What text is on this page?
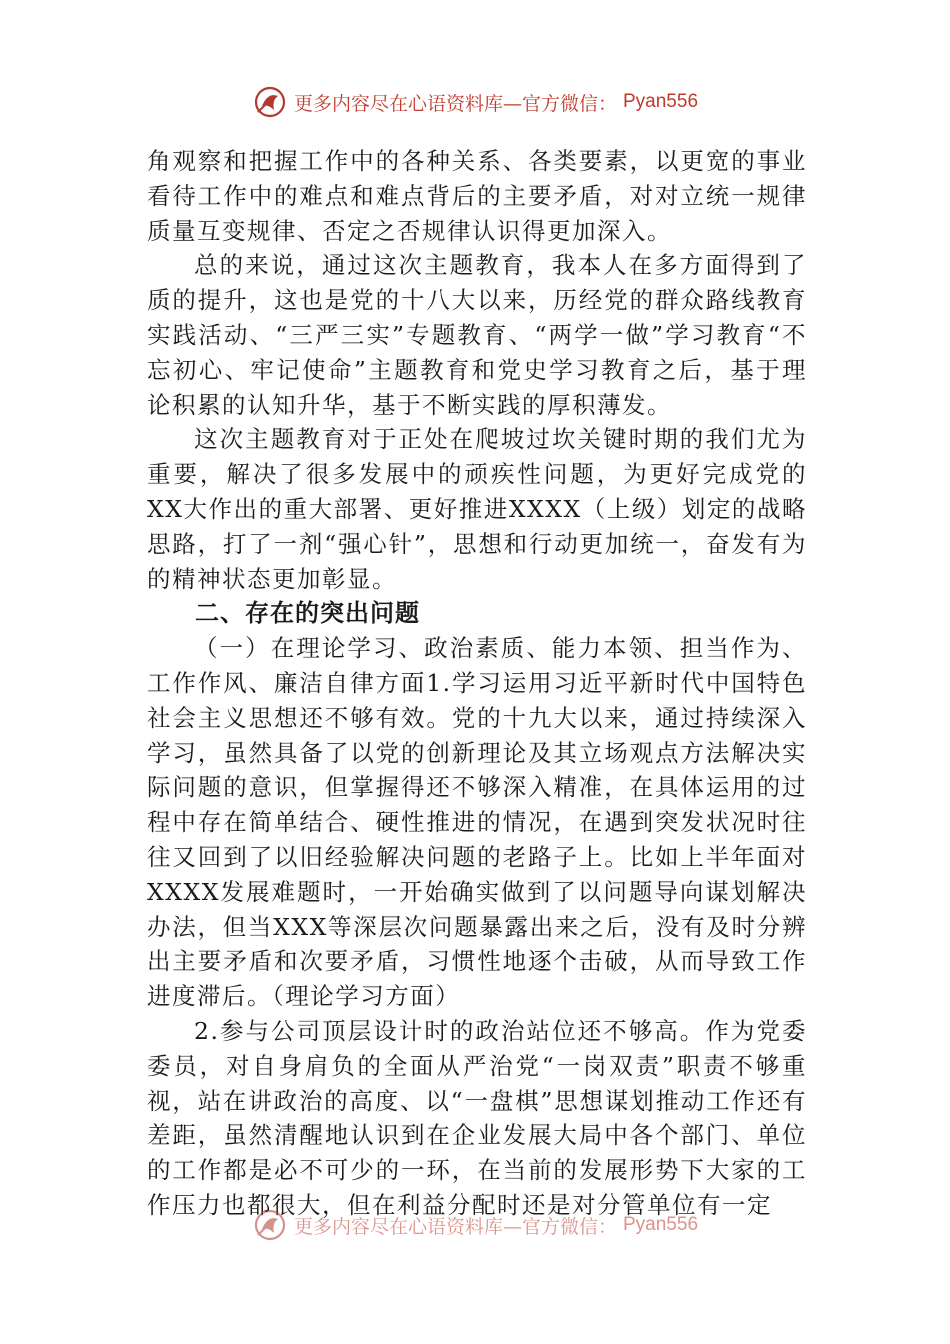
更多内容尽在心语资料库—官方微信： Pyan556

角观察和把握工作中的各种关系、各类要素，以更宽的事业看待工作中的难点和难点背后的主要矛盾，对对立统一规律质量互变规律、否定之否规律认识得更加深入。

总的来说，通过这次主题教育，我本人在多方面得到了质的提升，这也是党的十八大以来，历经党的群众路线教育实践活动、“三严三实”专题教育、“两学一做”学习教育“不忘初心、牢记使命”主题教育和党史学习教育之后，基于理论积累的认知升华，基于不断实践的厚积薄发。

这次主题教育对于正处在爬坡过坎关键时期的我们尤为重要，解决了很多发展中的顽疾性问题，为更好完成党的XX大作出的重大部署、更好推进XXXX（上级）划定的战略思路，打了一剂“强心针”，思想和行动更加统一，奋发有为的精神状态更加彰显。

二、存在的突出问题

（一）在理论学习、政治素质、能力本领、担当作为、工作作风、廉洁自律方面1.学习运用习近平新时代中国特色社会主义思想还不够有效。党的十九大以来，通过持续深入学习，虽然具备了以党的创新理论及其立场观点方法解决实际问题的意识，但掌握得还不够深入精准，在具体运用的过程中存在简单结合、硬性推进的情况，在遇到突发状况时往往又回到了以旧经验解决问题的老路子上。比如上半年面对XXXX发展难题时，一开始确实做到了以问题导向谋划解决办法，但当XXX等深层次问题暴露出来之后，没有及时分辨出主要矛盾和次要矛盾，习惯性地逐个击破，从而导致工作进度滞后。（理论学习方面）

2.参与公司顶层设计时的政治站位还不够高。作为党委委员，对自身肩负的全面从严治党“一岗双责”职责不够重视，站在讲政治的高度、以“一盘棋”思想谋划推动工作还有差距，虽然清醒地认识到在企业发展大局中各个部门、单位的工作都是必不可少的一环，在当前的发展形势下大家的工作压力也都很大，但在利益分配时还是对分管单位有一定

更多内容尽在心语资料库—官方微信： Pyan556
